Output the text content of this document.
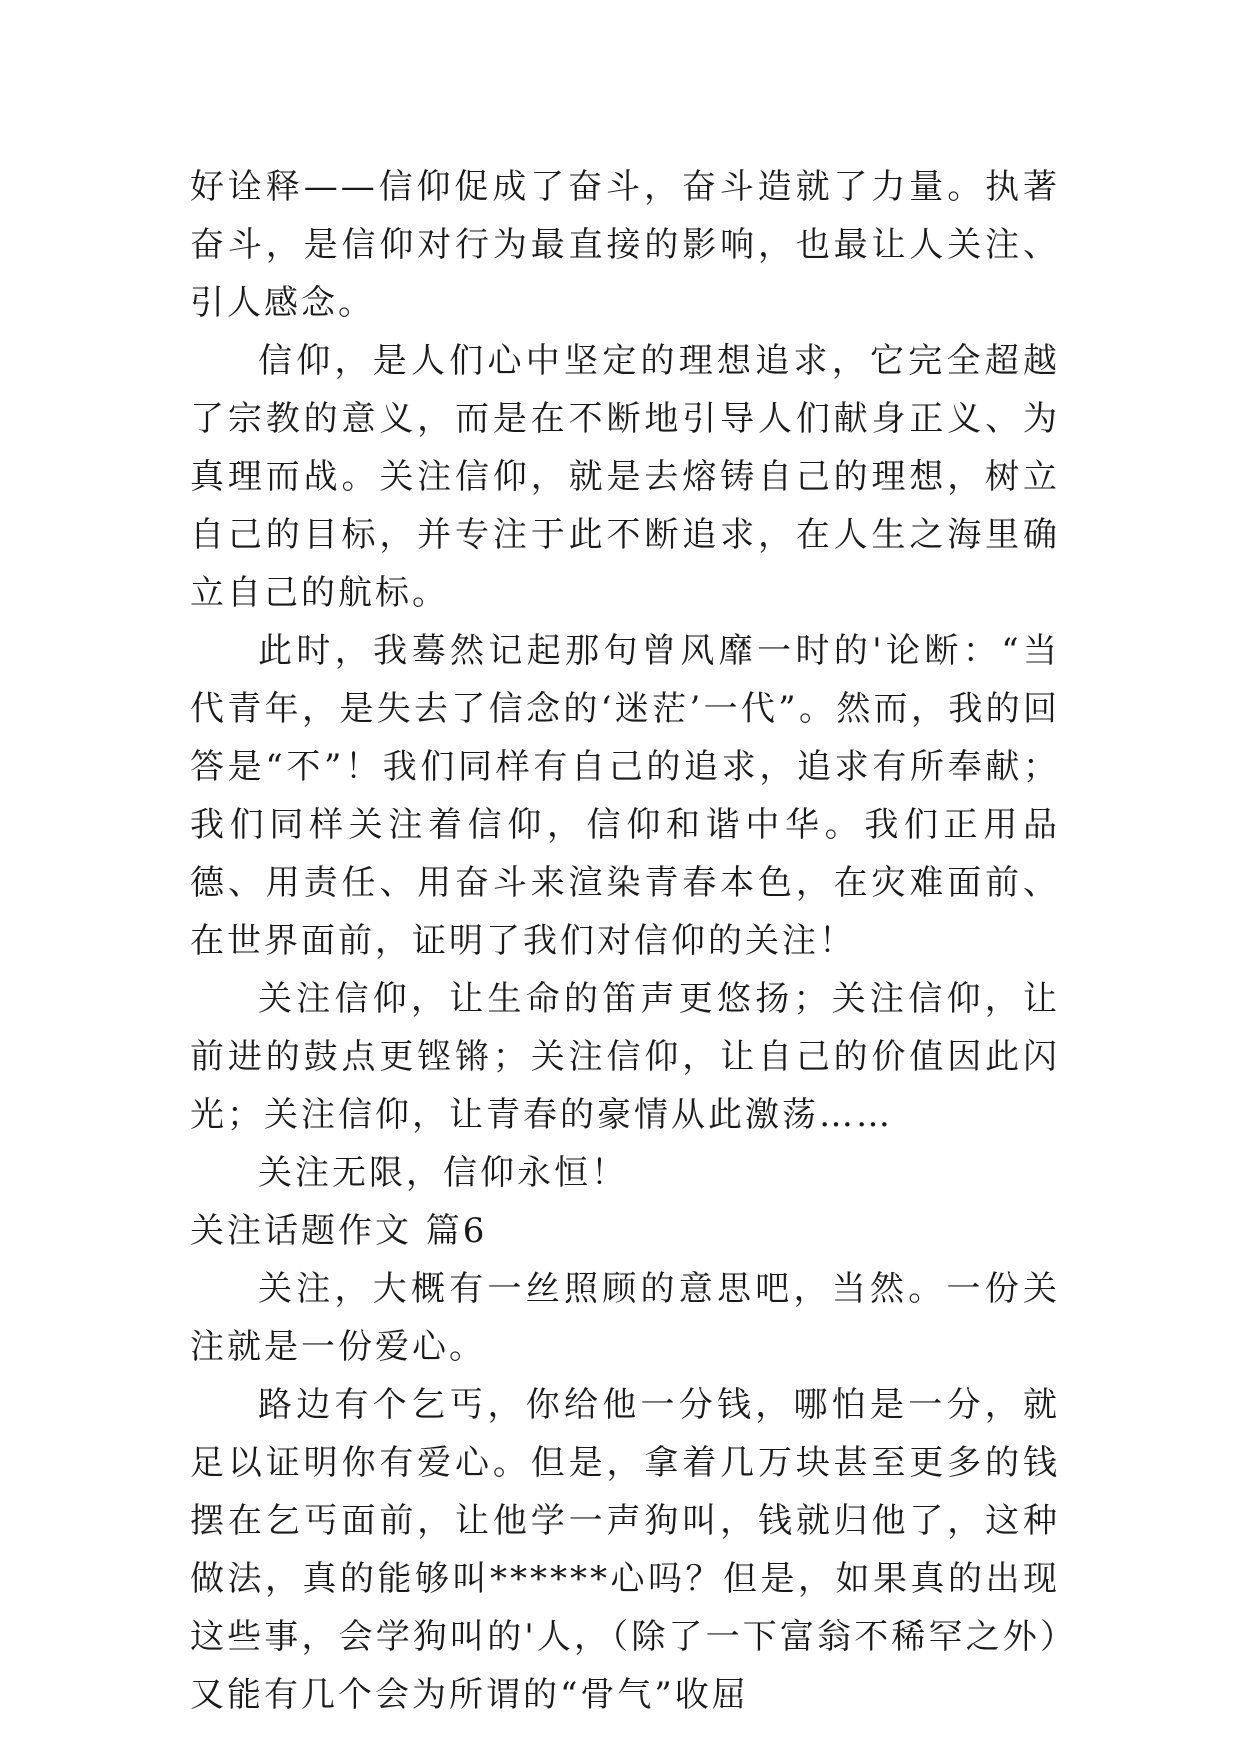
好诠释——信仰促成了奋斗，奋斗造就了力量。执著奋斗，是信仰对行为最直接的影响，也最让人关注、引人感念。

信仰，是人们心中坚定的理想追求，它完全超越了宗教的意义，而是在不断地引导人们献身正义、为真理而战。关注信仰，就是去熔铸自己的理想，树立自己的目标，并专注于此不断追求，在人生之海里确立自己的航标。

此时，我蓦然记起那句曾风靡一时的'论断：“当代青年，是失去了信念的‘迷茫’一代”。然而，我的回答是“不”！我们同样有自己的追求，追求有所奉献；我们同样关注着信仰，信仰和谐中华。我们正用品德、用责任、用奋斗来渲染青春本色，在灾难面前、在世界面前，证明了我们对信仰的关注！

关注信仰，让生命的笛声更悠扬；关注信仰，让前进的鼓点更铿锵；关注信仰，让自己的价值因此闪光；关注信仰，让青春的豪情从此激荡……

关注无限，信仰永恒！

关注话题作文 篇6

关注，大概有一丝照顾的意思吧，当然。一份关注就是一份爱心。

路边有个乞丐，你给他一分钱，哪怕是一分，就足以证明你有爱心。但是，拿着几万块甚至更多的钱摆在乞丐面前，让他学一声狗叫，钱就归他了，这种做法，真的能够叫******心吗？但是，如果真的出现这些事，会学狗叫的'人，（除了一下富翁不稀罕之外）又能有几个会为所谓的“骨气”收屈
